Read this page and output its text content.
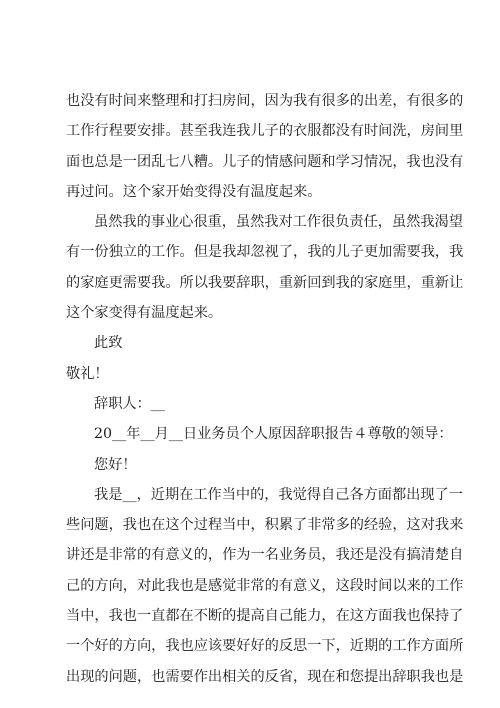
也没有时间来整理和打扫房间，因为我有很多的出差，有很多的
工作行程要安排。甚至我连我儿子的衣服都没有时间洗，房间里
面也总是一团乱七八糟。儿子的情感问题和学习情况，我也没有
再过问。这个家开始变得没有温度起来。

虽然我的事业心很重，虽然我对工作很负责任，虽然我渴望
有一份独立的工作。但是我却忽视了，我的儿子更加需要我，我
的家庭更需要我。所以我要辞职，重新回到我的家庭里，重新让
这个家变得有温度起来。

此致

敬礼！

辞职人：__

20__年__月__日业务员个人原因辞职报告４尊敬的领导：

您好！

我是__，近期在工作当中的，我觉得自己各方面都出现了一
些问题，我也在这个过程当中，积累了非常多的经验，这对我来
讲还是非常的有意义的，作为一名业务员，我还是没有搞清楚自
己的方向，对此我也是感觉非常的有意义，这段时间以来的工作
当中，我也一直都在不断的提高自己能力，在这方面我也保持了
一个好的方向，我也应该要好好的反思一下，近期的工作方面所
出现的问题，也需要作出相关的反省，现在和您提出辞职我也是
